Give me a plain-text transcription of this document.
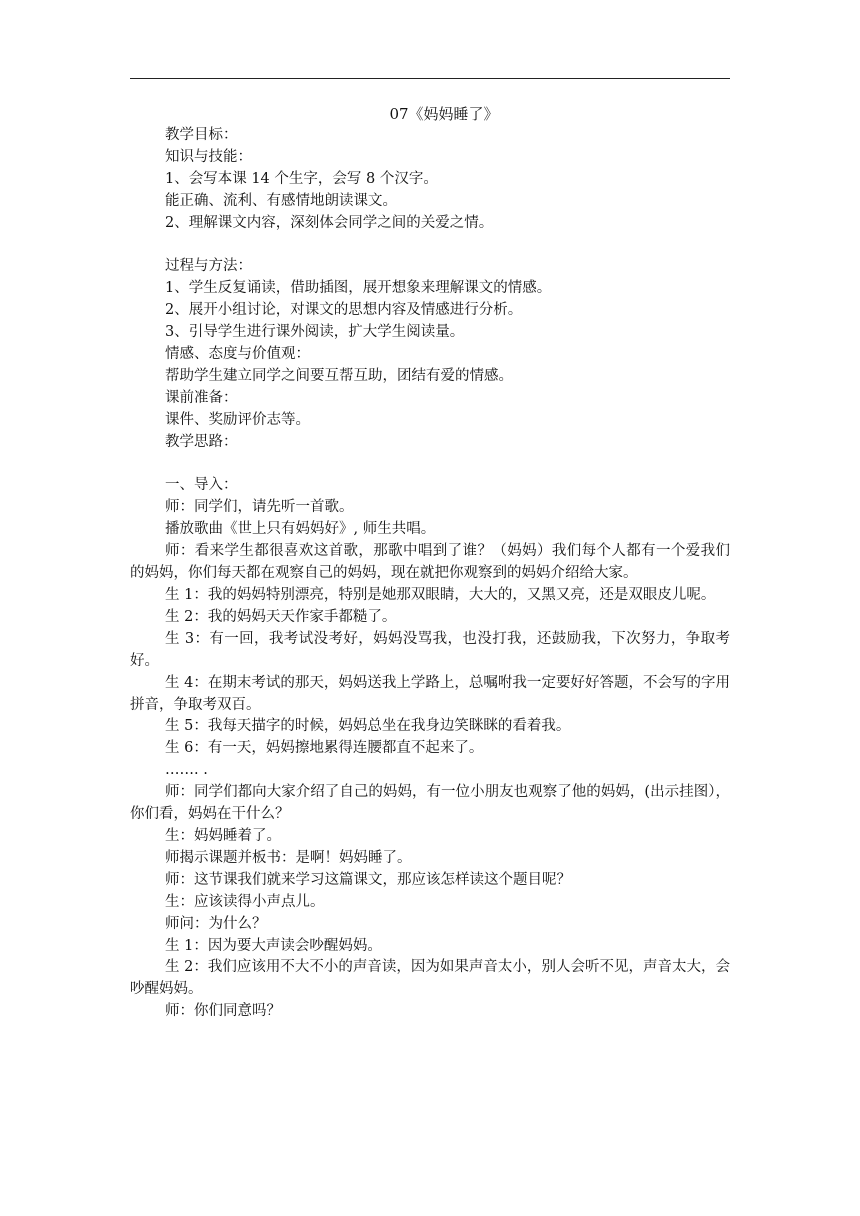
07《妈妈睡了》

教学目标：

知识与技能：

1、会写本课 14 个生字，会写 8 个汉字。

能正确、流利、有感情地朗读课文。

2、理解课文内容，深刻体会同学之间的关爱之情。

过程与方法：

1、学生反复诵读，借助插图，展开想象来理解课文的情感。

2、展开小组讨论，对课文的思想内容及情感进行分析。

3、引导学生进行课外阅读，扩大学生阅读量。

情感、态度与价值观：

帮助学生建立同学之间要互帮互助，团结有爱的情感。

课前准备：

课件、奖励评价志等。

教学思路：

一、导入：

师：同学们，请先听一首歌。

播放歌曲《世上只有妈妈好》, 师生共唱。

师：看来学生都很喜欢这首歌，那歌中唱到了谁？（妈妈）我们每个人都有一个爱我们的妈妈，你们每天都在观察自己的妈妈，现在就把你观察到的妈妈介绍给大家。

生 1：我的妈妈特别漂亮，特别是她那双眼睛，大大的，又黑又亮，还是双眼皮儿呢。

生 2：我的妈妈天天作家手都糙了。

生 3：有一回，我考试没考好，妈妈没骂我，也没打我，还鼓励我，下次努力，争取考好。

生 4：在期末考试的那天，妈妈送我上学路上，总嘱咐我一定要好好答题，不会写的字用拼音，争取考双百。

生 5：我每天描字的时候，妈妈总坐在我身边笑眯眯的看着我。

生 6：有一天，妈妈擦地累得连腰都直不起来了。

……. .

师：同学们都向大家介绍了自己的妈妈，有一位小朋友也观察了他的妈妈，(出示挂图），你们看，妈妈在干什么？

生：妈妈睡着了。

师揭示课题并板书：是啊！妈妈睡了。

师：这节课我们就来学习这篇课文，那应该怎样读这个题目呢？

生：应该读得小声点儿。

师问：为什么？

生 1：因为要大声读会吵醒妈妈。

生 2：我们应该用不大不小的声音读，因为如果声音太小，别人会听不见，声音太大，会吵醒妈妈。

师：你们同意吗？
